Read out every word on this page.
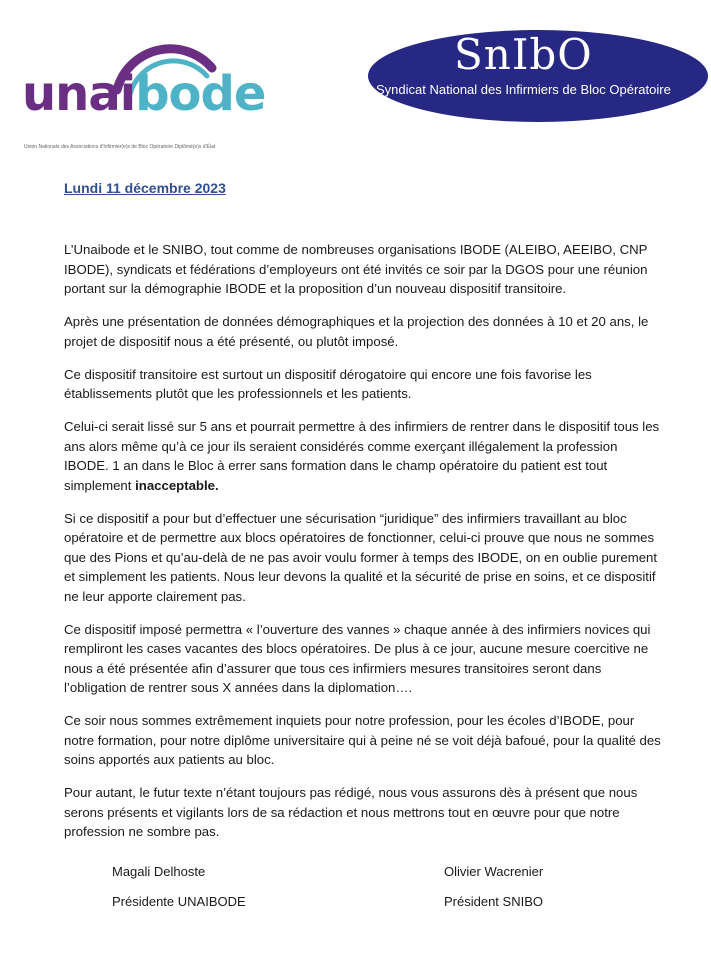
unaibode
Union Nationale des Associations d'Infirmier(e)s de Bloc Opératoire Diplômé(e)s d'État
SnIbO
Syndicat National des Infirmiers de Bloc Opératoire
Lundi 11 décembre 2023

L’Unaibode et le SNIBO, tout comme de nombreuses organisations IBODE (ALEIBO, AEEIBO, CNP IBODE), syndicats et fédérations d’employeurs ont été invités ce soir par la DGOS pour une réunion portant sur la démographie IBODE et la proposition d’un nouveau dispositif transitoire.

Après une présentation de données démographiques et la projection des données à 10 et 20 ans, le projet de dispositif nous a été présenté, ou plutôt imposé.

Ce dispositif transitoire est surtout un dispositif dérogatoire qui encore une fois favorise les établissements plutôt que les professionnels et les patients.

Celui-ci serait lissé sur 5 ans et pourrait permettre à des infirmiers de rentrer dans le dispositif tous les ans alors même qu’à ce jour ils seraient considérés comme exerçant illégalement la profession IBODE. 1 an dans le Bloc à errer sans formation dans le champ opératoire du patient est tout simplement inacceptable.

Si ce dispositif a pour but d’effectuer une sécurisation “juridique” des infirmiers travaillant au bloc opératoire et de permettre aux blocs opératoires de fonctionner, celui-ci prouve que nous ne sommes que des Pions et qu’au-delà de ne pas avoir voulu former à temps des IBODE, on en oublie purement et simplement les patients. Nous leur devons la qualité et la sécurité de prise en soins, et ce dispositif ne leur apporte clairement pas.

Ce dispositif imposé permettra « l’ouverture des vannes » chaque année à des infirmiers novices qui rempliront les cases vacantes des blocs opératoires. De plus à ce jour, aucune mesure coercitive ne nous a été présentée afin d’assurer que tous ces infirmiers mesures transitoires seront dans l’obligation de rentrer sous X années dans la diplomation….

Ce soir nous sommes extrêmement inquiets pour notre profession, pour les écoles d’IBODE, pour notre formation, pour notre diplôme universitaire qui à peine né se voit déjà bafoué, pour la qualité des soins apportés aux patients au bloc.

Pour autant, le futur texte n’étant toujours pas rédigé, nous vous assurons dès à présent que nous serons présents et vigilants lors de sa rédaction et nous mettrons tout en œuvre pour que notre profession ne sombre pas.

Magali Delhoste
Présidente UNAIBODE
Olivier Wacrenier
Président SNIBO
